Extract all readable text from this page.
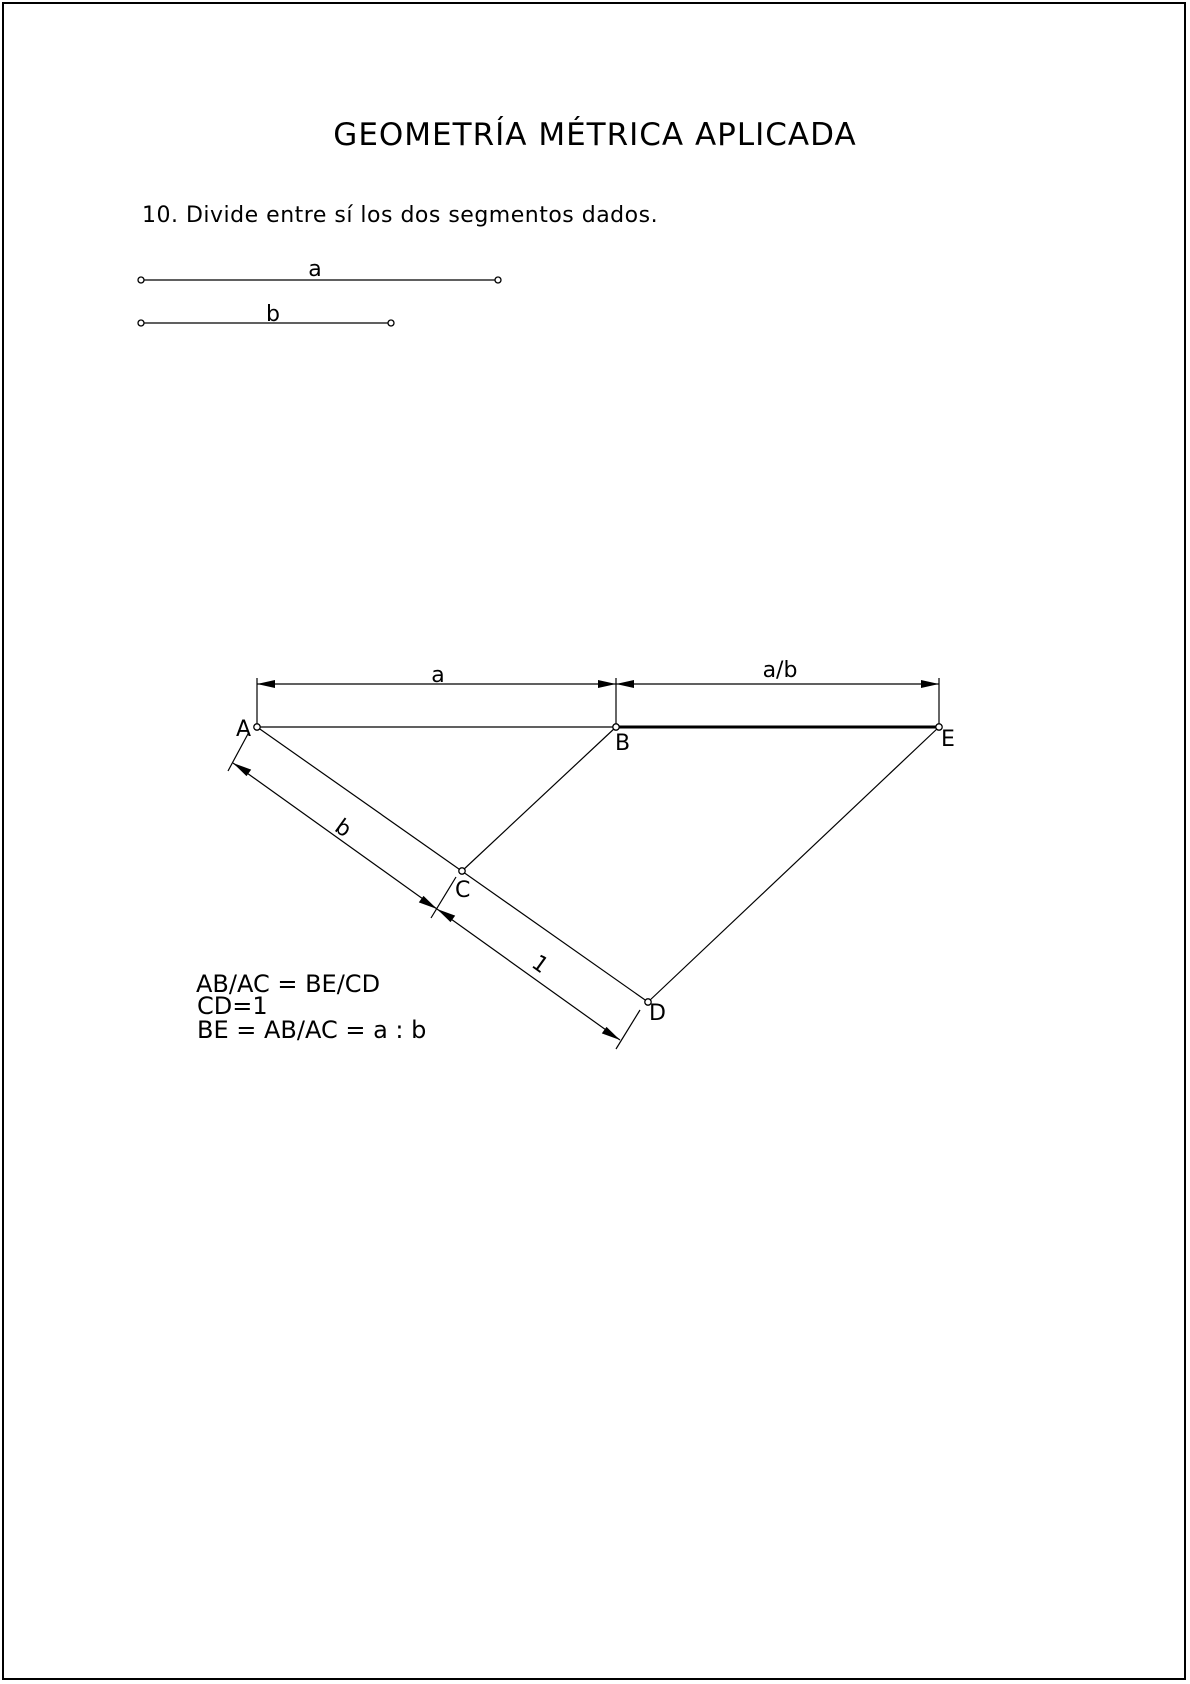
GEOMETRÍA MÉTRICA APLICADA
10. Divide entre sí los dos segmentos dados.
a
b
a	a/b
b
1
A
B	E
C
D
AB/AC = BE/CD
CD=1
BE = AB/AC = a : b
